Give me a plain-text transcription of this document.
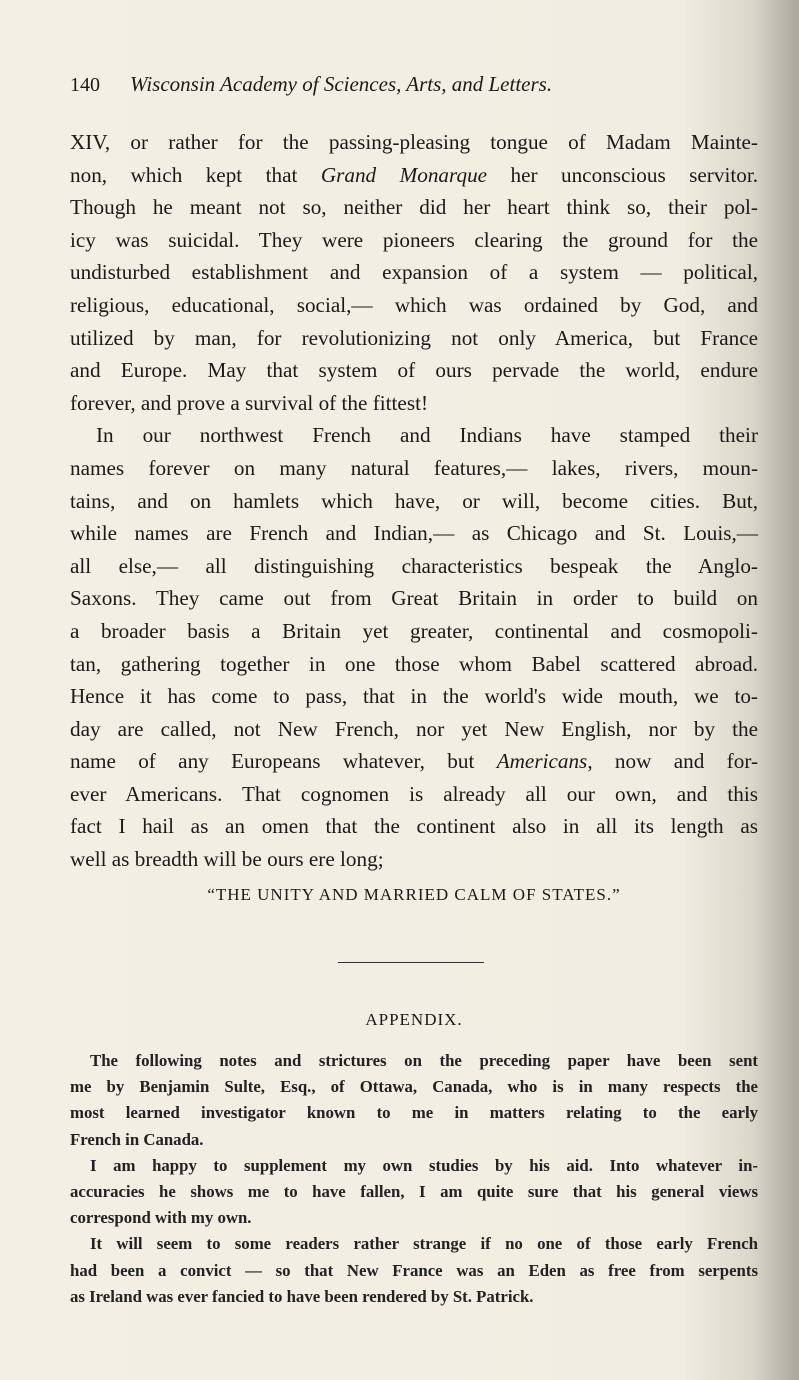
140 Wisconsin Academy of Sciences, Arts, and Letters.

XIV, or rather for the passing-pleasing tongue of Madam Mainte-
non, which kept that Grand Monarque her unconscious servitor.
Though he meant not so, neither did her heart think so, their pol-
icy was suicidal. They were pioneers clearing the ground for the
undisturbed establishment and expansion of a system — political,
religious, educational, social,— which was ordained by God, and
utilized by man, for revolutionizing not only America, but France
and Europe. May that system of ours pervade the world, endure
forever, and prove a survival of the fittest!

In our northwest French and Indians have stamped their
names forever on many natural features,— lakes, rivers, moun-
tains, and on hamlets which have, or will, become cities. But,
while names are French and Indian,— as Chicago and St. Louis,—
all else,— all distinguishing characteristics bespeak the Anglo-
Saxons. They came out from Great Britain in order to build on
a broader basis a Britain yet greater, continental and cosmopoli-
tan, gathering together in one those whom Babel scattered abroad.
Hence it has come to pass, that in the world's wide mouth, we to-
day are called, not New French, nor yet New English, nor by the
name of any Europeans whatever, but Americans, now and for-
ever Americans. That cognomen is already all our own, and this
fact I hail as an omen that the continent also in all its length as
well as breadth will be ours ere long;

“THE UNITY AND MARRIED CALM OF STATES.”
APPENDIX.

The following notes and strictures on the preceding paper have been sent
me by Benjamin Sulte, Esq., of Ottawa, Canada, who is in many respects the
most learned investigator known to me in matters relating to the early
French in Canada.

I am happy to supplement my own studies by his aid. Into whatever in-
accuracies he shows me to have fallen, I am quite sure that his general views
correspond with my own.

It will seem to some readers rather strange if no one of those early French
had been a convict — so that New France was an Eden as free from serpents
as Ireland was ever fancied to have been rendered by St. Patrick.
